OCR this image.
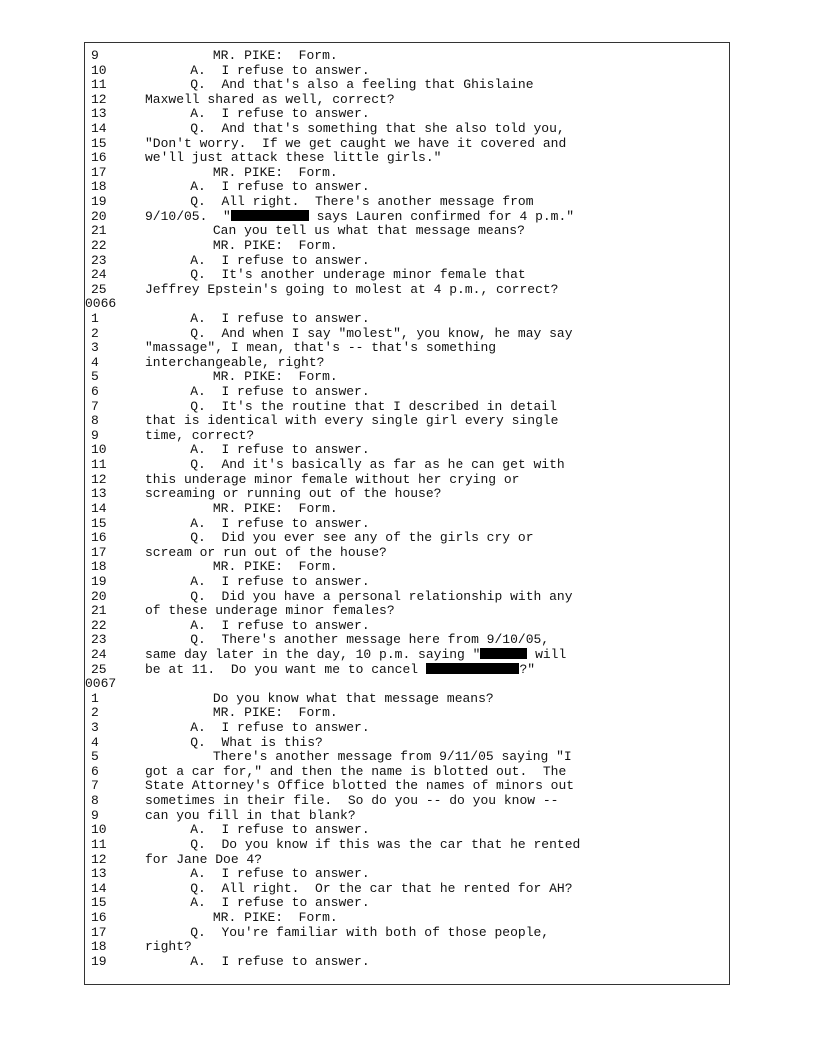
9	MR. PIKE:  Form.
10	A.  I refuse to answer.
11	Q.  And that's also a feeling that Ghislaine
12	Maxwell shared as well, correct?
13	A.  I refuse to answer.
14	Q.  And that's something that she also told you,
15	"Don't worry.  If we get caught we have it covered and
16	we'll just attack these little girls."
17	MR. PIKE:  Form.
18	A.  I refuse to answer.
19	Q.  All right.  There's another message from
20	9/10/05.  "	says Lauren confirmed for 4 p.m."
21	Can you tell us what that message means?
22	MR. PIKE:  Form.
23	A.  I refuse to answer.
24	Q.  It's another underage minor female that
25	Jeffrey Epstein's going to molest at 4 p.m., correct?
0066
1	A.  I refuse to answer.
2	Q.  And when I say "molest", you know, he may say
3	"massage", I mean, that's -- that's something
4	interchangeable, right?
5	MR. PIKE:  Form.
6	A.  I refuse to answer.
7	Q.  It's the routine that I described in detail
8	that is identical with every single girl every single
9	time, correct?
10	A.  I refuse to answer.
11	Q.  And it's basically as far as he can get with
12	this underage minor female without her crying or
13	screaming or running out of the house?
14	MR. PIKE:  Form.
15	A.  I refuse to answer.
16	Q.  Did you ever see any of the girls cry or
17	scream or run out of the house?
18	MR. PIKE:  Form.
19	A.  I refuse to answer.
20	Q.  Did you have a personal relationship with any
21	of these underage minor females?
22	A.  I refuse to answer.
23	Q.  There's another message here from 9/10/05,
24	same day later in the day, 10 p.m. saying "	will
25	be at 11.  Do you want me to cancel	?"
0067
1	Do you know what that message means?
2	MR. PIKE:  Form.
3	A.  I refuse to answer.
4	Q.  What is this?
5	There's another message from 9/11/05 saying "I
6	got a car for," and then the name is blotted out.  The
7	State Attorney's Office blotted the names of minors out
8	sometimes in their file.  So do you -- do you know --
9	can you fill in that blank?
10	A.  I refuse to answer.
11	Q.  Do you know if this was the car that he rented
12	for Jane Doe 4?
13	A.  I refuse to answer.
14	Q.  All right.  Or the car that he rented for AH?
15	A.  I refuse to answer.
16	MR. PIKE:  Form.
17	Q.  You're familiar with both of those people,
18	right?
19	A.  I refuse to answer.
